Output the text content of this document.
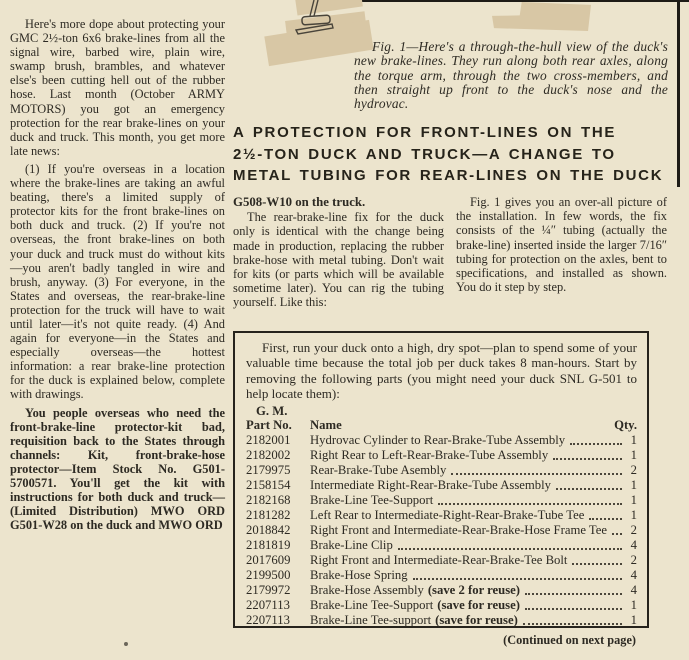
Here's more dope about protecting your GMC 2½-ton 6x6 brake-lines from all the signal wire, barbed wire, plain wire, swamp brush, brambles, and whatever else's been cutting hell out of the rubber hose. Last month (October ARMY MOTORS) you got an emergency protection for the rear brake-lines on your duck and truck. This month, you get more late news:

(1) If you're overseas in a location where the brake-lines are taking an awful beating, there's a limited supply of protector kits for the front brake-lines on both duck and truck. (2) If you're not overseas, the front brake-lines on both your duck and truck must do without kits—you aren't badly tangled in wire and brush, anyway. (3) For everyone, in the States and overseas, the rear-brake-line protection for the truck will have to wait until later—it's not quite ready. (4) And again for everyone—in the States and especially overseas—the hottest information: a rear brake-line protection for the duck is explained below, complete with drawings.

You people overseas who need the front-brake-line protector-kit bad, requisition back to the States through channels: Kit, front-brake-hose protector—Item Stock No. G501-5700571. You'll get the kit with instructions for both duck and truck—(Limited Distribution) MWO ORD G501-W28 on the duck and MWO ORD

Fig. 1—Here's a through-the-hull view of the duck's new brake-lines. They run along both rear axles, along the torque arm, through the two cross-members, and then straight up front to the duck's nose and the hydrovac.
A PROTECTION FOR FRONT-LINES ON THE
2½-TON DUCK AND TRUCK—A CHANGE TO
METAL TUBING FOR REAR-LINES ON THE DUCK
G508-W10 on the truck.

The rear-brake-line fix for the duck only is identical with the change being made in production, replacing the rubber brake-hose with metal tubing. Don't wait for kits (or parts which will be available sometime later). You can rig the tubing yourself. Like this:

Fig. 1 gives you an over-all picture of the installation. In few words, the fix consists of the ¼″ tubing (actually the brake-line) inserted inside the larger 7/16″ tubing for protection on the axles, bent to specifications, and installed as shown. You do it step by step.

First, run your duck onto a high, dry spot—plan to spend some of your valuable time because the total job per duck takes 8 man-hours. Start by removing the following parts (you might need your duck SNL G-501 to help locate them):

G. M.
Part No.	Name	Qty.
2182001	Hydrovac Cylinder to Rear-Brake-Tube Assembly	1
2182002	Right Rear to Left-Rear-Brake-Tube Assembly	1
2179975	Rear-Brake-Tube Asembly	2
2158154	Intermediate Right-Rear-Brake-Tube Assembly	1
2182168	Brake-Line Tee-Support	1
2181282	Left Rear to Intermediate-Right-Rear-Brake-Tube Tee	1
2018842	Right Front and Intermediate-Rear-Brake-Hose Frame Tee	2
2181819	Brake-Line Clip	4
2017609	Right Front and Intermediate-Rear-Brake-Tee Bolt	2
2199500	Brake-Hose Spring	4
2179972	Brake-Hose Assembly (save 2 for reuse)	4
2207113	Brake-Line Tee-Support (save for reuse)	1
2207113	Brake-Line Tee-support (save for reuse)	1
(Continued on next page)
